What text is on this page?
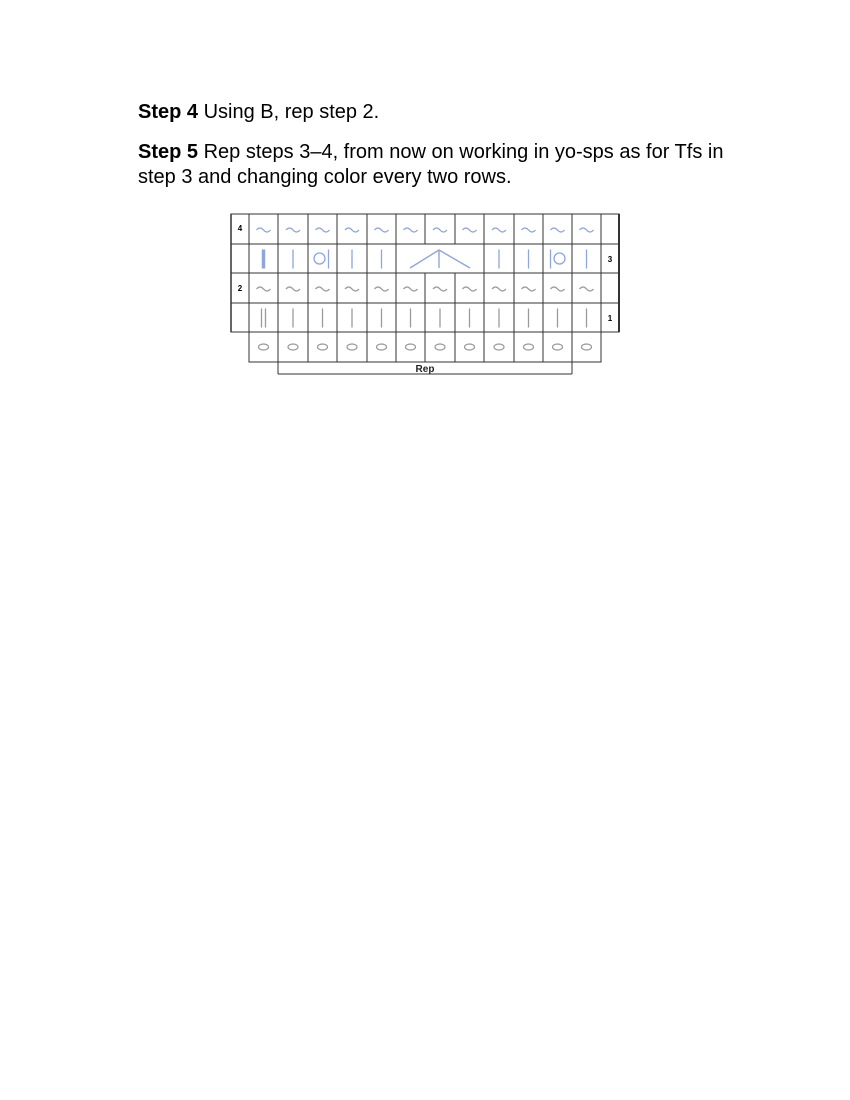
Step 4 Using B, rep step 2.

Step 5 Rep steps 3–4, from now on working in yo-sps as for Tfs in step 3 and changing color every two rows.

Rep
4
3
2
1
